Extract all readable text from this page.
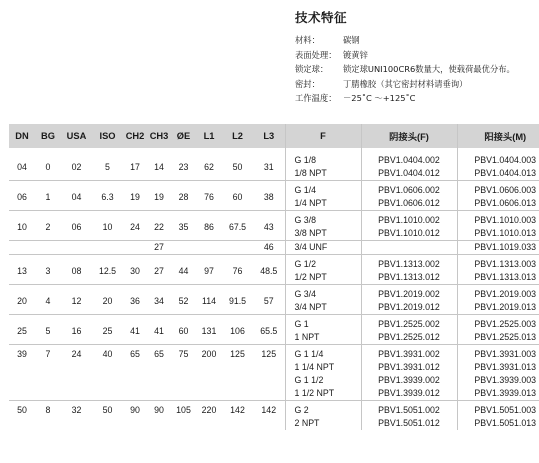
技术特征
材料：	碳钢
表面处理： 镀黄锌
锁定球：	锁定球UNI100CR6数量大，使载荷最优分布。
密封：	丁腈橡胶（其它密封材料请垂询）
工作温度： －25˚C ～+125˚C
DN	BG	USA	ISO	CH2	CH3	ØE	L1	L2	L3	F	阴接头(F)	阳接头(M)
04	0	02	5	17	14	23	62	50	31	G 1/8	PBV1.0404.002	PBV1.0404.003
										1/8 NPT	PBV1.0404.012	PBV1.0404.013
06	1	04	6.3	19	19	28	76	60	38	G 1/4	PBV1.0606.002	PBV1.0606.003
										1/4 NPT	PBV1.0606.012	PBV1.0606.013
10	2	06	10	24	22	35	86	67.5	43	G 3/8	PBV1.1010.002	PBV1.1010.003
										3/8 NPT	PBV1.1010.012	PBV1.1010.013
					27				46	3/4 UNF		PBV1.1019.033
13	3	08	12.5	30	27	44	97	76	48.5	G 1/2	PBV1.1313.002	PBV1.1313.003
										1/2 NPT	PBV1.1313.012	PBV1.1313.013
20	4	12	20	36	34	52	114	91.5	57	G 3/4	PBV1.2019.002	PBV1.2019.003
										3/4 NPT	PBV1.2019.012	PBV1.2019.013
25	5	16	25	41	41	60	131	106	65.5	G 1	PBV1.2525.002	PBV1.2525.003
										1 NPT	PBV1.2525.012	PBV1.2525.013
39	7	24	40	65	65	75	200	125	125	G 1 1/4	PBV1.3931.002	PBV1.3931.003
										1 1/4 NPT	PBV1.3931.012	PBV1.3931.013
										G 1 1/2	PBV1.3939.002	PBV1.3939.003
										1 1/2 NPT	PBV1.3939.012	PBV1.3939.013
50	8	32	50	90	90	105	220	142	142	G 2	PBV1.5051.002	PBV1.5051.003
										2 NPT	PBV1.5051.012	PBV1.5051.013
